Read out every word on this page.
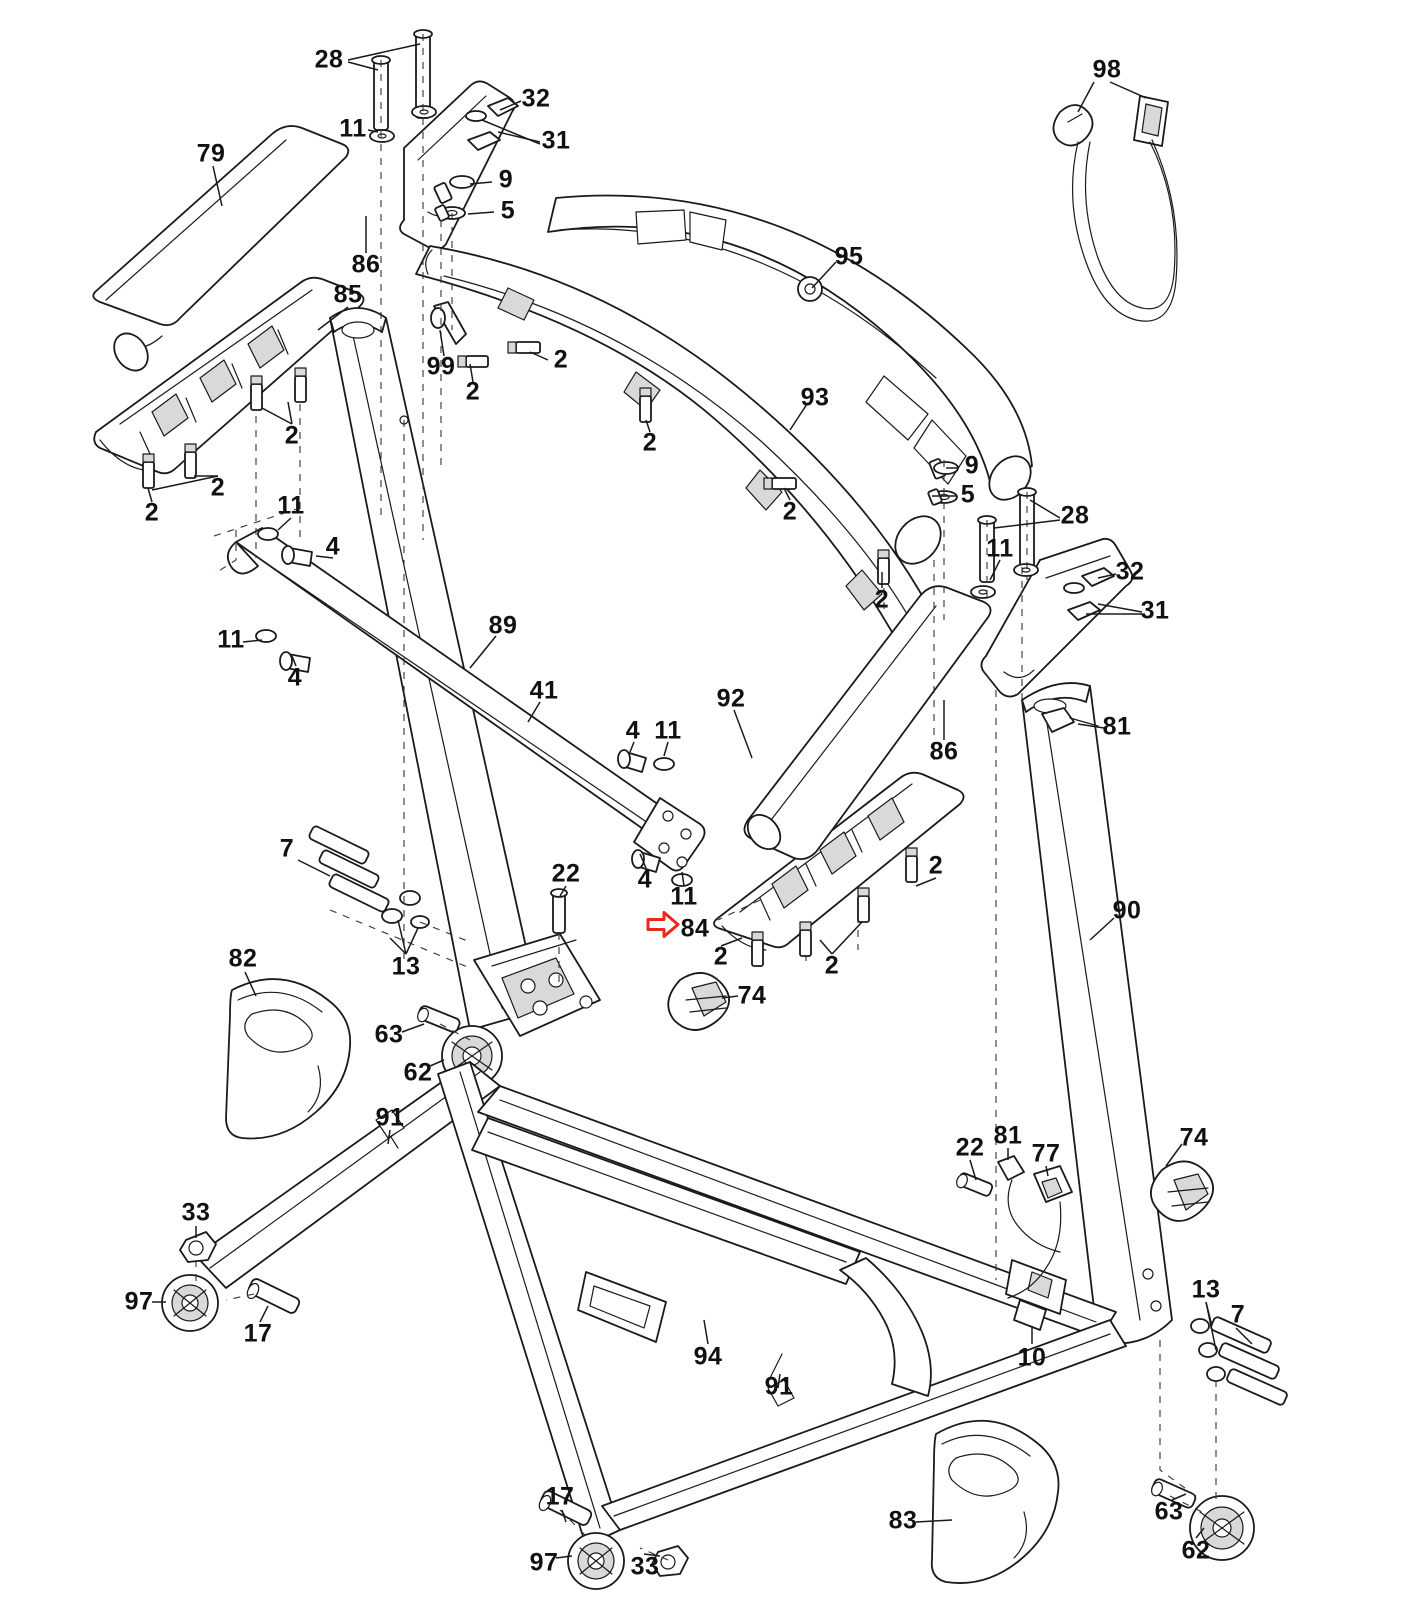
28
32
11	31
98
79
9
5
86	95
85
2
99
2	93
2	2
9
2	5
2
2	11	28
11
4
32
2	31
89
11
4	41	92
81
4 11
86
7
4
11
22	2
84
90
13	2	2
82
74
63
62
91
22 81
77
74
33
97
17
13
7
10
94
91
17
83	63
97	33
62
